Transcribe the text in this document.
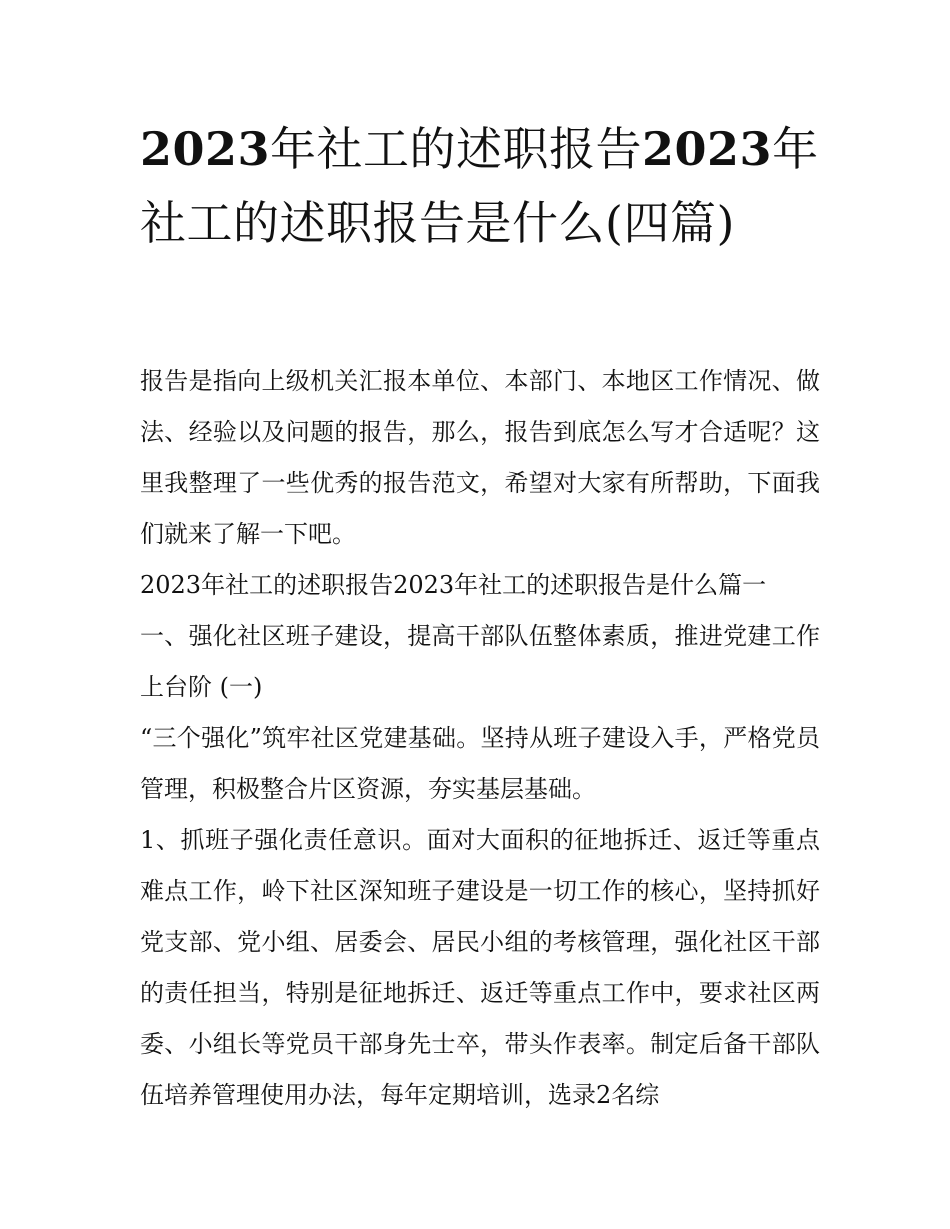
2023年社工的述职报告2023年社工的述职报告是什么(四篇)

报告是指向上级机关汇报本单位、本部门、本地区工作情况、做法、经验以及问题的报告，那么，报告到底怎么写才合适呢？这里我整理了一些优秀的报告范文，希望对大家有所帮助，下面我们就来了解一下吧。

2023年社工的述职报告2023年社工的述职报告是什么篇一

一、强化社区班子建设，提高干部队伍整体素质，推进党建工作上台阶 (一)

“三个强化”筑牢社区党建基础。坚持从班子建设入手，严格党员管理，积极整合片区资源，夯实基层基础。

1、抓班子强化责任意识。面对大面积的征地拆迁、返迁等重点难点工作，岭下社区深知班子建设是一切工作的核心，坚持抓好党支部、党小组、居委会、居民小组的考核管理，强化社区干部的责任担当，特别是征地拆迁、返迁等重点工作中，要求社区两委、小组长等党员干部身先士卒，带头作表率。制定后备干部队伍培养管理使用办法，每年定期培训，选录2名综
